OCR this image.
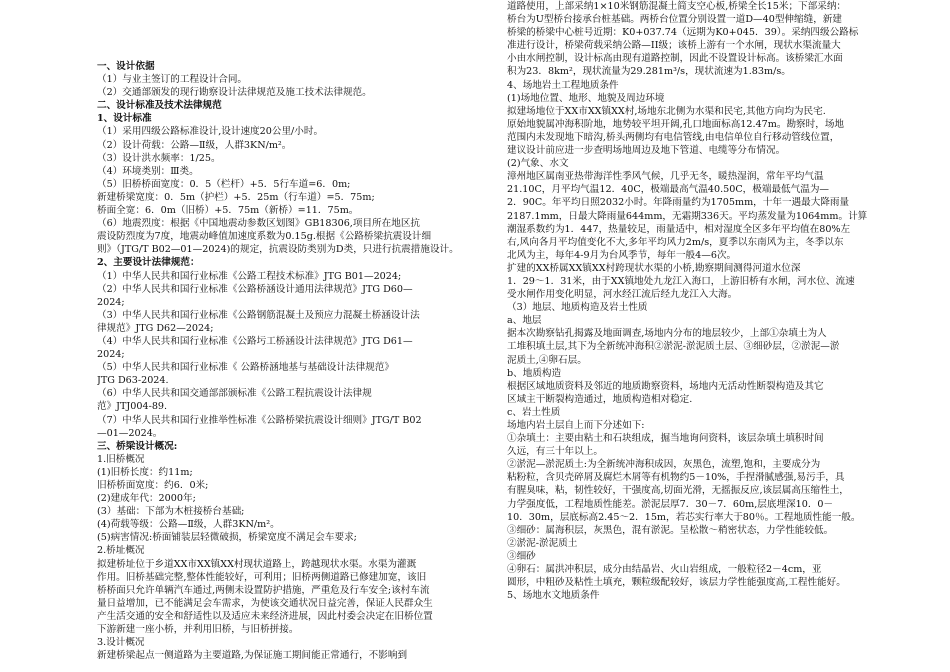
一、设计依据

（1）与业主签订的工程设计合同。

（2）交通部颁发的现行勘察设计法律规范及施工技术法律规范。

二、设计标准及技术法律规范

1、设计标准

（1）采用四级公路标准设计,设计速度20公里/小时。

（2）设计荷载：公路—Ⅱ级，人群3KN/m²。

（3）设计洪水频率：1/25。

（4）环境类别：Ⅲ类。

（5）旧桥桥面宽度：0．5（栏杆）+5．5行车道=6．0m;

新建桥梁宽度：0．5m（护栏）+5．25m（行车道）=5．75m;

桥面全宽：6．0m（旧桥）+5．75m（新桥）=11．75m。

（6）地震烈度：根据《中国地震动参数区划图》GB18306,项目所在地区抗

震设防烈度为7度，地震动峰值加速度系数为0.15g.根据《公路桥梁抗震设计细

则》（JTG/T B02—01—2024)的规定，抗震设防类别为D类，只进行抗震措施设计。

2、主要设计法律规范：

（1）中华人民共和国行业标准《公路工程技术标准》JTG B01—2024;

（2）中华人民共和国行业标准《公路桥涵设计通用法律规范》JTG D60—

2024;

（3）中华人民共和国行业标准《公路钢筋混凝土及预应力混凝土桥涵设计法

律规范》JTG D62—2024;

（4）中华人民共和国行业标准《公路圬工桥涵设计法律规范》JTG D61—

2024;

（5）中华人民共和国行业标准《 公路桥涵地基与基础设计法律规范》

JTG D63-2024.

（6）中华人民共和国交通部部颁标准《公路工程抗震设计法律规

范》JTJ004-89.

（7）中华人民共和国行业推举性标准《公路桥梁抗震设计细则》JTG/T B02

—01—2024。

三、桥梁设计概况:

1.旧桥概况

(1)旧桥长度：约11m;

旧桥桥面宽度：约6．0米;

(2)建成年代：2000年;

(3）基础：下部为木桩接桥台基础;

(4)荷载等级：公路—Ⅱ级，人群3KN/m²。

(5)病害情况:桥面铺装层轻微破损，桥梁宽度不满足会车要求;

2.桥址概况

拟建桥址位于乡道XX市XX镇XX村现状道路上，跨越现状水渠。水渠为灌溉

作用。旧桥基础完整,整体性能较好，可利用；旧桥两侧道路已修建加宽，该旧

桥桥面只允许单辆汽车通过,两侧未设置防护措施，严重危及行车安全;该村车流

量日益增加，已不能满足会车需求，为使该交通状况日益完善，保证人民群众生

产生活交通的安全和舒适性以及适应未来经济进展，因此村委会决定在旧桥位置

下游新建一座小桥，并利用旧桥，与旧桥拼接。

3.设计概况

新建桥梁起点一侧道路为主要道路,为保证施工期间能正常通行，不影响到

道路使用，上部采纳1×10米钢筋混凝土简支空心板,桥梁全长15米；下部采纳：

桥台为U型桥台接承台桩基础。两桥台位置分别设置一道D—40型伸缩缝，新建

桥梁的桥梁中心桩号近期：K0+037.74（远期为K0+045．39）。采纳四级公路标

准进行设计，桥梁荷载采纳公路—II级；该桥上游有一个水闸，现状水渠流量大

小由水闸控制，设计标高由现有道路控制，因此不设置设计标高。该桥梁汇水面

积为23．8km²，现状流量为29.281m³/s，现状流速为1.83m/s。

4、场地岩土工程地质条件

(1)场地位置、地形、地貌及周边环境

拟建场地位于XX市XX镇XX村,场地东北侧为水渠和民宅,其他方向均为民宅.

原始地貌属冲海积阶地，地势较平坦开阔,孔口地面标高12.47m。勘察时，场地

范围内未发现地下暗沟,桥头两侧均有电信管线,由电信单位自行移动管线位置，

建议设计前应进一步查明场地周边及地下管道、电缆等分布情况。

(2)气象、水文

漳州地区属南亚热带海洋性季风气候，几乎无冬，暖热湿润，常年平均气温

21.10C，月平均气温12．40C，极端最高气温40.50C，极端最低气温为—

2．90C。年平均日照2032小时。年降雨量约为1705mm，十年一遇最大降雨量

2187.1mm，日最大降雨量644mm，无霜期336天。平均蒸发量为1064mm。计算

潮湿系数约为1．447，热量较足，雨量适中，相对湿度全区多年平均值在80%左

右,风向各月平均值变化不大,多年平均风力2m/s，夏季以东南风为主，冬季以东

北风为主，每年4-9月为台风季节，每年一般4—6次。

扩建的XX桥属XX镇XX村跨现状水渠的小桥,勘察期间测得河道水位深

1．29～1．31米，由于XX镇地处九龙江入海口，上游旧桥有水闸，河水位、流速

受水闸作用变化明显，河水经江流后经九龙江入大海。

（3）地层、地质构造及岩土性质

a、地层

据本次勘察钻孔揭露及地面调查,场地内分布的地层较少，上部①杂填土为人

工堆积填土层,其下为全新统冲海积②淤泥-淤泥质土层、③细砂层，②淤泥—淤

泥质土,④卵石层。

b、地质构造

根据区域地质资料及邻近的地质勘察资料，场地内无活动性断裂构造及其它

区域主干断裂构造通过，地质构造相对稳定.

c、岩土性质

场地内岩土层自上而下分述如下:

①杂填土：主要由粘土和石块组成，掘当地询问资料，该层杂填土填积时间

久远，有三十年以上。

②淤泥—淤泥质土:为全新统冲海积成因，灰黑色，流塑,饱和，主要成分为

粘粉粒，含贝壳碎屑及腐烂木屑等有机物约5－10%，手捏滑腻感强,易污手，具

有腥臭味，粘，韧性较好，干强度高,切面光滑，无摇振反应,该层属高压缩性土，

力学强度低，工程地质性能差。淤泥层厚7．30－7．60m,层底埋深10．0－

10．30m，层底标高2.45～2．15m，若芯实行率大于80％。工程地质性能一般。

③细砂：属海积层，灰黑色，混有淤泥。呈松散～稍密状态，力学性能较低。

②淤泥-淤泥质土

③细砂

④卵石：属洪冲积层，成分由结晶岩、火山岩组成，一般粒径2－4cm，亚

圆形，中粗砂及粘性土填充，颗粒级配较好，该层力学性能强度高,工程性能好。

5、场地水文地质条件
